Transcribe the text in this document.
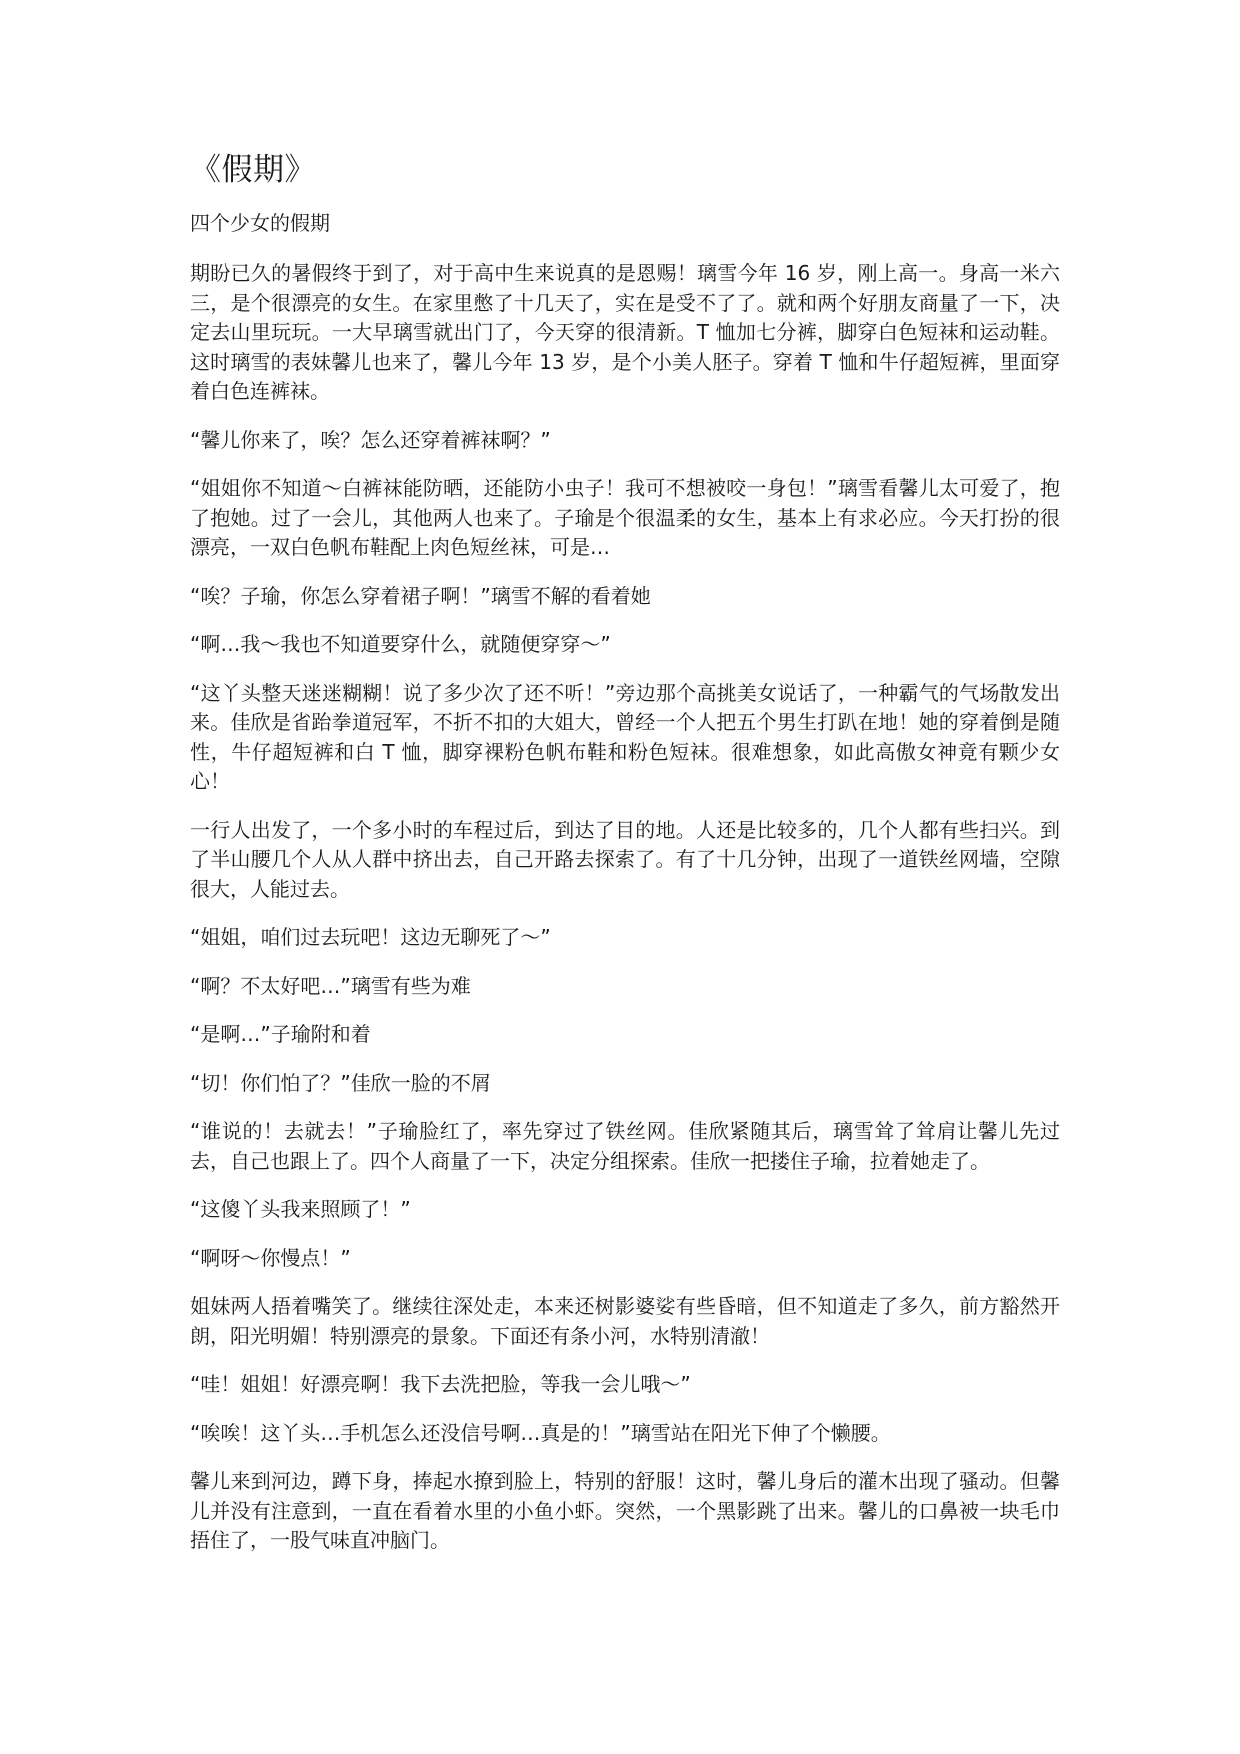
《假期》

四个少女的假期

期盼已久的暑假终于到了，对于高中生来说真的是恩赐！璃雪今年 16 岁，刚上高一。身高一米六三，是个很漂亮的女生。在家里憋了十几天了，实在是受不了了。就和两个好朋友商量了一下，决定去山里玩玩。一大早璃雪就出门了，今天穿的很清新。T 恤加七分裤，脚穿白色短袜和运动鞋。这时璃雪的表妹馨儿也来了，馨儿今年 13 岁，是个小美人胚子。穿着 T 恤和牛仔超短裤，里面穿着白色连裤袜。

“馨儿你来了，唉？怎么还穿着裤袜啊？”

“姐姐你不知道～白裤袜能防晒，还能防小虫子！我可不想被咬一身包！”璃雪看馨儿太可爱了，抱了抱她。过了一会儿，其他两人也来了。子瑜是个很温柔的女生，基本上有求必应。今天打扮的很漂亮，一双白色帆布鞋配上肉色短丝袜，可是…

“唉？子瑜，你怎么穿着裙子啊！”璃雪不解的看着她

“啊…我～我也不知道要穿什么，就随便穿穿～”

“这丫头整天迷迷糊糊！说了多少次了还不听！”旁边那个高挑美女说话了，一种霸气的气场散发出来。佳欣是省跆拳道冠军，不折不扣的大姐大，曾经一个人把五个男生打趴在地！她的穿着倒是随性，牛仔超短裤和白 T 恤，脚穿裸粉色帆布鞋和粉色短袜。很难想象，如此高傲女神竟有颗少女心！

一行人出发了，一个多小时的车程过后，到达了目的地。人还是比较多的，几个人都有些扫兴。到了半山腰几个人从人群中挤出去，自己开路去探索了。有了十几分钟，出现了一道铁丝网墙，空隙很大，人能过去。

“姐姐，咱们过去玩吧！这边无聊死了～”

“啊？不太好吧…”璃雪有些为难

“是啊…”子瑜附和着

“切！你们怕了？”佳欣一脸的不屑

“谁说的！去就去！”子瑜脸红了，率先穿过了铁丝网。佳欣紧随其后，璃雪耸了耸肩让馨儿先过去，自己也跟上了。四个人商量了一下，决定分组探索。佳欣一把搂住子瑜，拉着她走了。

“这傻丫头我来照顾了！”

“啊呀～你慢点！”

姐妹两人捂着嘴笑了。继续往深处走，本来还树影婆娑有些昏暗，但不知道走了多久，前方豁然开朗，阳光明媚！特别漂亮的景象。下面还有条小河，水特别清澈！

“哇！姐姐！好漂亮啊！我下去洗把脸，等我一会儿哦～”

“唉唉！这丫头…手机怎么还没信号啊…真是的！”璃雪站在阳光下伸了个懒腰。

馨儿来到河边，蹲下身，捧起水撩到脸上，特别的舒服！这时，馨儿身后的灌木出现了骚动。但馨儿并没有注意到，一直在看着水里的小鱼小虾。突然，一个黑影跳了出来。馨儿的口鼻被一块毛巾捂住了，一股气味直冲脑门。
